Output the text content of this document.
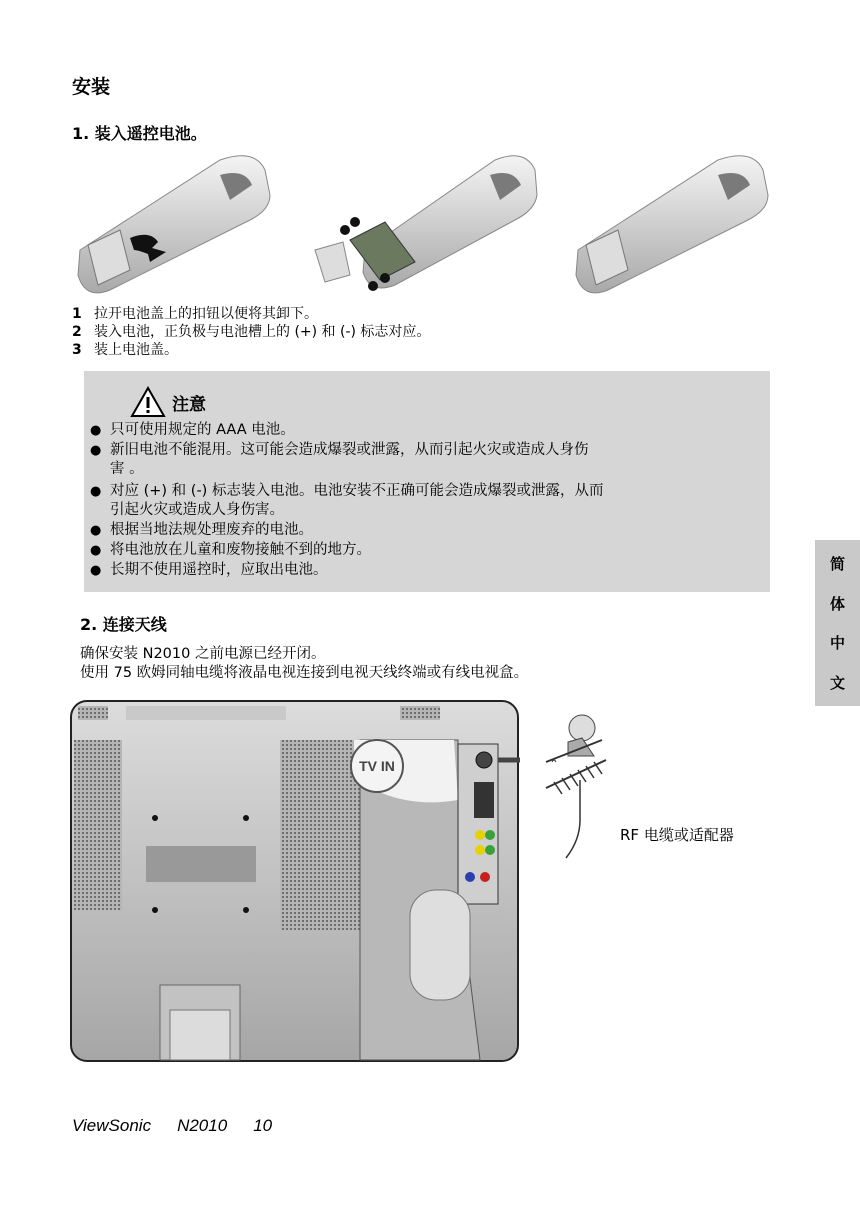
安装
1. 装入遥控电池。
1 拉开电池盖上的扣钮以便将其卸下。
2 装入电池，正负极与电池槽上的 (+) 和 (-) 标志对应。
3 装上电池盖。
注意
● 只可使用规定的 AAA 电池。
● 新旧电池不能混用。这可能会造成爆裂或泄露，从而引起火灾或造成人身伤
害 。
● 对应 (+) 和 (-) 标志装入电池。电池安装不正确可能会造成爆裂或泄露，从而
引起火灾或造成人身伤害。
● 根据当地法规处理废弃的电池。
● 将电池放在儿童和废物接触不到的地方。
● 长期不使用遥控时，应取出电池。	简
体
中
文
2. 连接天线
确保安装 N2010 之前电源已经开闭。
使用 75 欧姆同轴电缆将液晶电视连接到电视天线终端或有线电视盒。
TV IN
RF 电缆或适配器
ViewSonic N2010 10
